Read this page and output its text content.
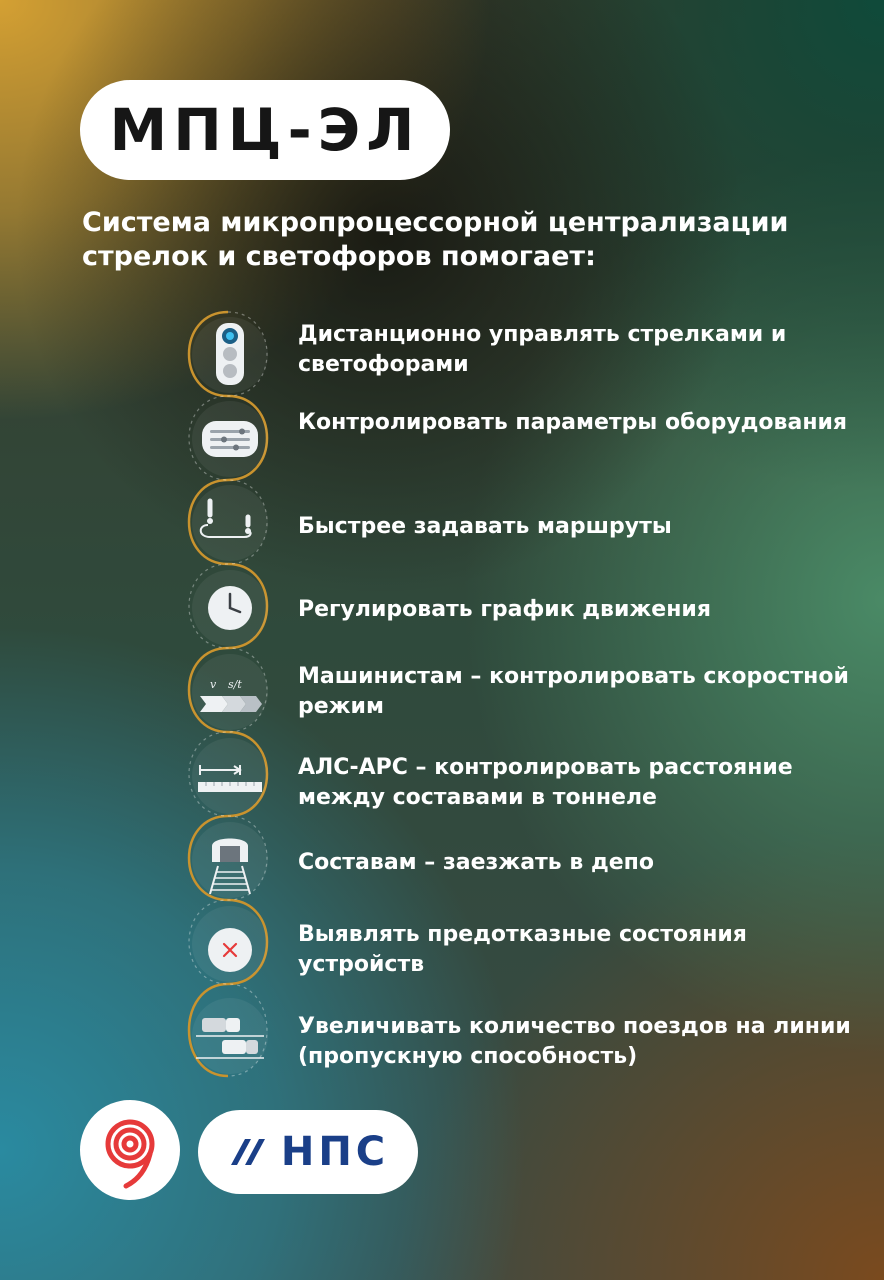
МПЦ-ЭЛ

Система микропроцессорной централизации стрелок и светофоров помогает:

Дистанционно управлять стрелками и светофорами

Контролировать параметры оборудования

Быстрее задавать маршруты

Регулировать график движения

v s/t	Машинистам – контролировать скоростной режим

АЛС-АРС – контролировать расстояние между составами в тоннеле

Составам – заезжать в депо

Выявлять предотказные состояния устройств

Увеличивать количество поездов на линии (пропускную способность)

НПС
